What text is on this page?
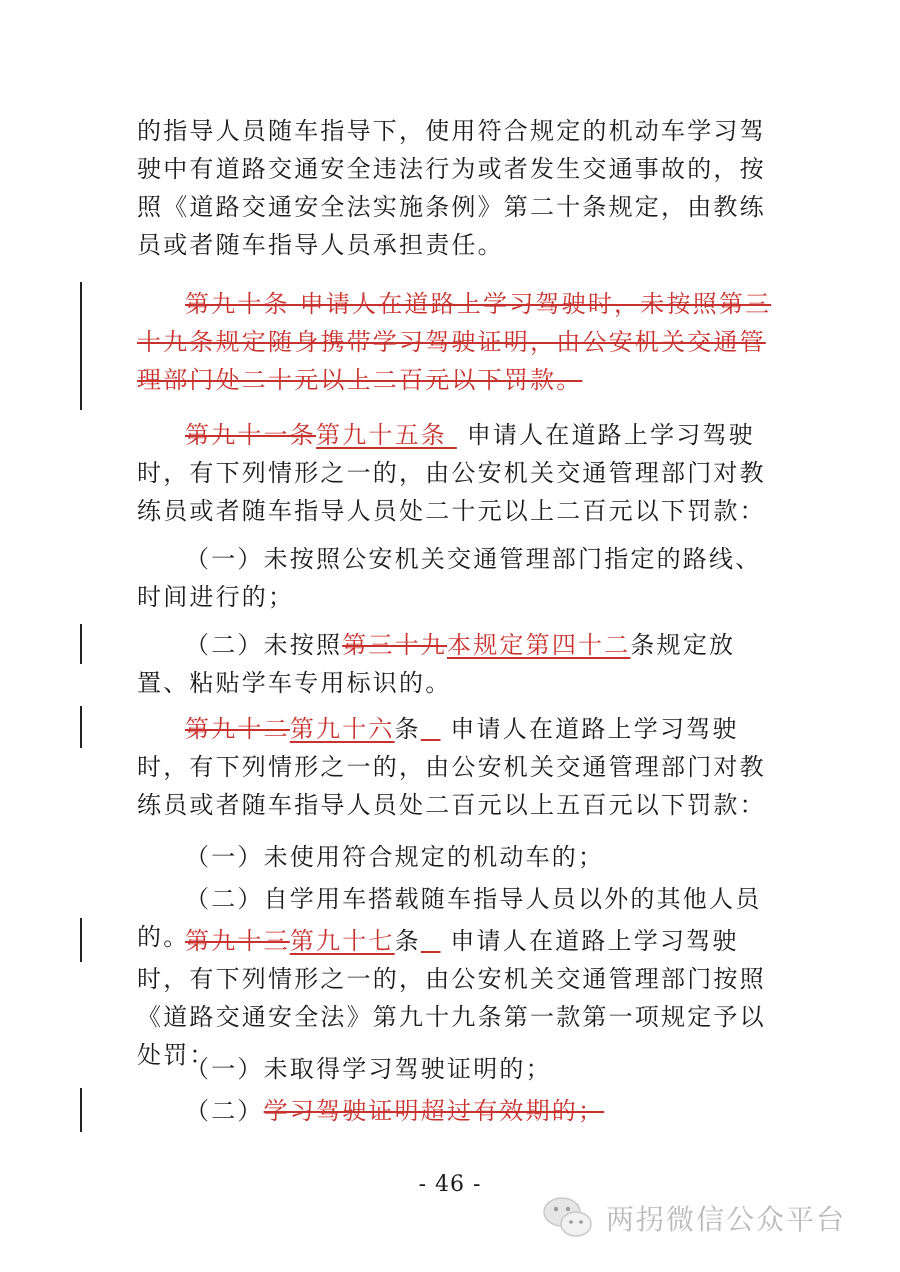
的指导人员随车指导下，使用符合规定的机动车学习驾驶中有道路交通安全违法行为或者发生交通事故的，按照《道路交通安全法实施条例》第二十条规定，由教练员或者随车指导人员承担责任。

第九十条 申请人在道路上学习驾驶时，未按照第三十九条规定随身携带学习驾驶证明，由公安机关交通管理部门处二十元以上二百元以下罚款。

第九十一条第九十五条  申请人在道路上学习驾驶时，有下列情形之一的，由公安机关交通管理部门对教练员或者随车指导人员处二十元以上二百元以下罚款：

（一）未按照公安机关交通管理部门指定的路线、时间进行的；

（二）未按照第三十九本规定第四十二条规定放置、粘贴学车专用标识的。

第九十二第九十六条 申请人在道路上学习驾驶时，有下列情形之一的，由公安机关交通管理部门对教练员或者随车指导人员处二百元以上五百元以下罚款：

（一）未使用符合规定的机动车的；

（二）自学用车搭载随车指导人员以外的其他人员的。

第九十三第九十七条 申请人在道路上学习驾驶时，有下列情形之一的，由公安机关交通管理部门按照《道路交通安全法》第九十九条第一款第一项规定予以处罚：

（一）未取得学习驾驶证明的；

（二）学习驾驶证明超过有效期的；

- 46 -
两拐微信公众平台
